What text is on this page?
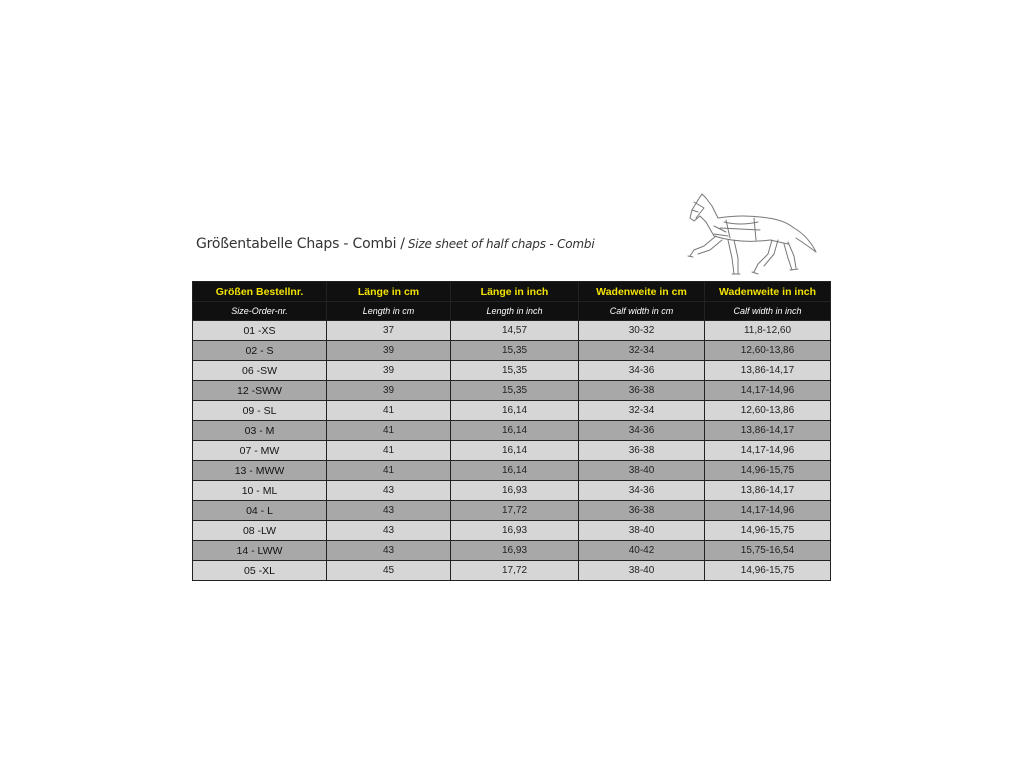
Größentabelle Chaps - Combi / Size sheet of half chaps - Combi
Größen Bestellnr.	Länge in cm	Länge in inch	Wadenweite in cm	Wadenweite in inch
Size-Order-nr.	Length in cm	Length in inch	Calf width in cm	Calf width in inch
01 -XS	37	14,57	30-32	11,8-12,60
02 - S	39	15,35	32-34	12,60-13,86
06 -SW	39	15,35	34-36	13,86-14,17
12 -SWW	39	15,35	36-38	14,17-14,96
09 - SL	41	16,14	32-34	12,60-13,86
03 - M	41	16,14	34-36	13,86-14,17
07 - MW	41	16,14	36-38	14,17-14,96
13 - MWW	41	16,14	38-40	14,96-15,75
10 - ML	43	16,93	34-36	13,86-14,17
04 - L	43	17,72	36-38	14,17-14,96
08 -LW	43	16,93	38-40	14,96-15,75
14 - LWW	43	16,93	40-42	15,75-16,54
05 -XL	45	17,72	38-40	14,96-15,75
